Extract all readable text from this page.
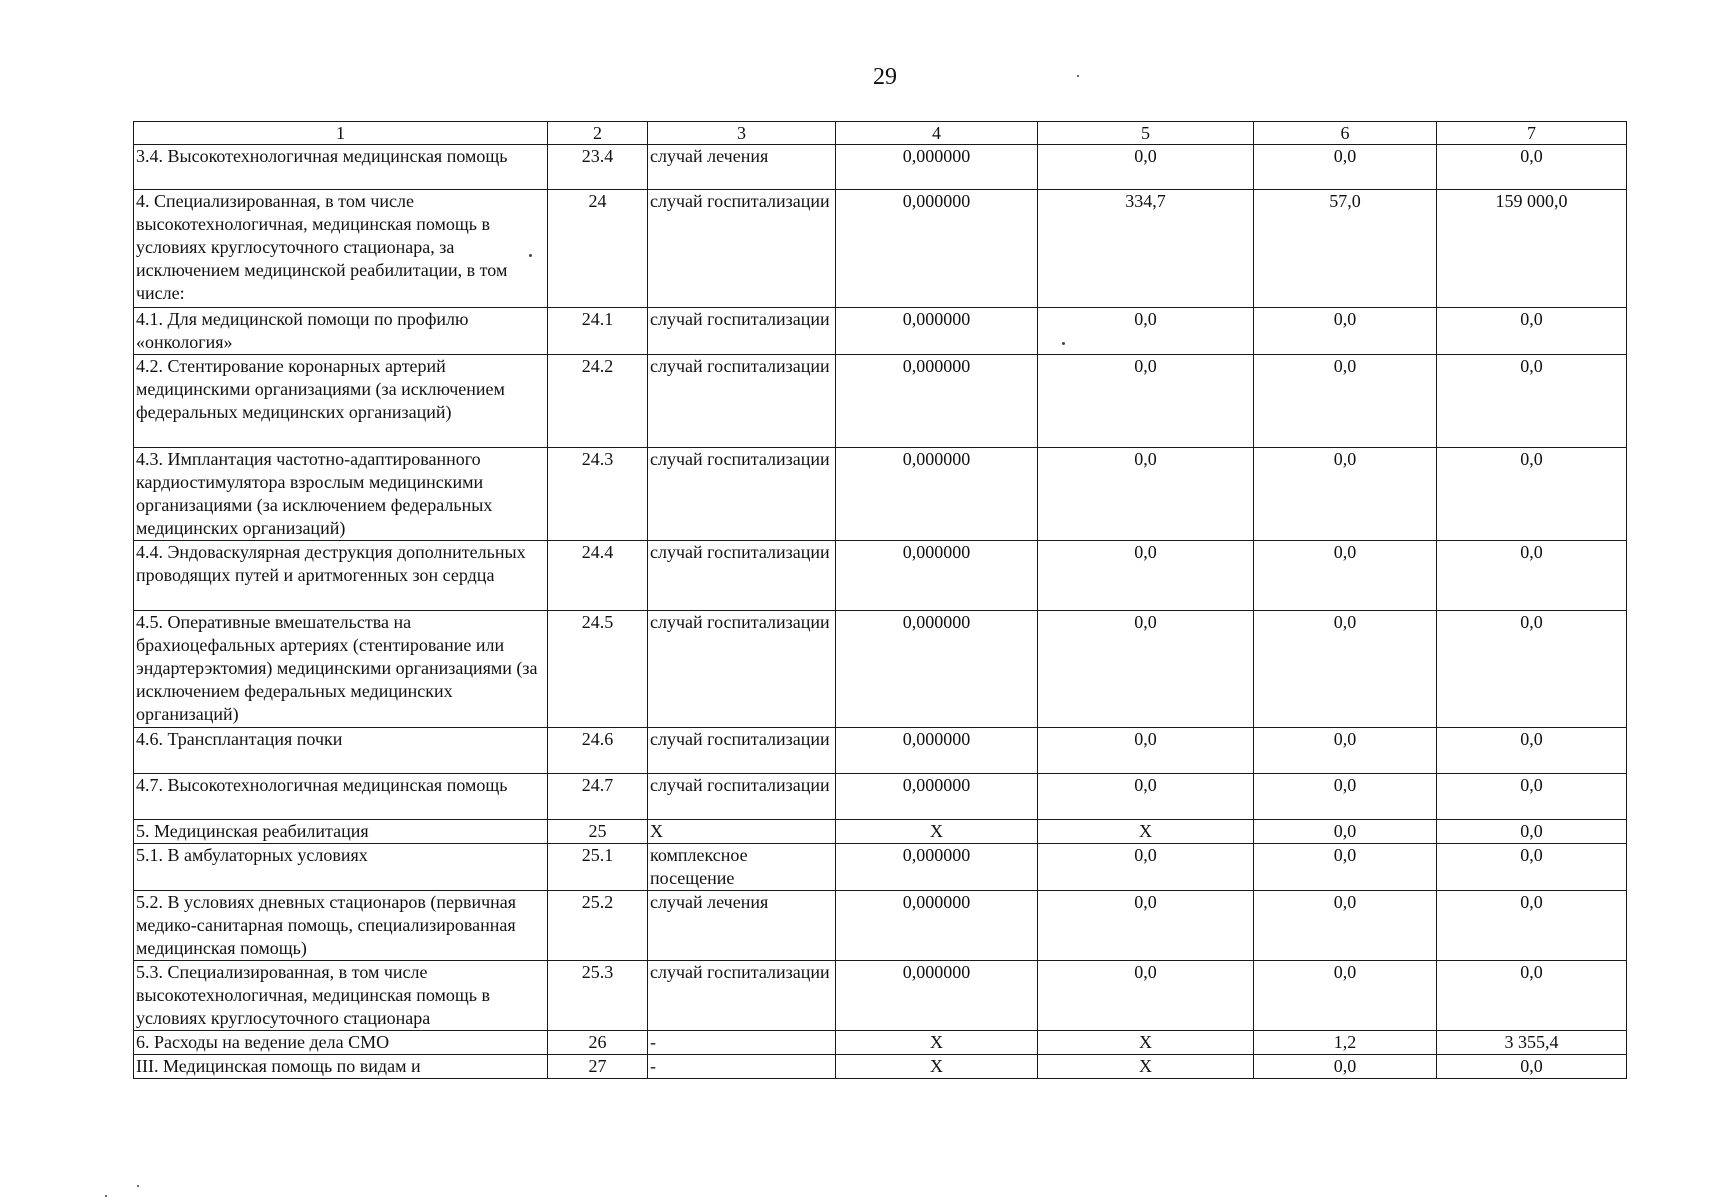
29
1	2	3	4	5	6	7
3.4. Высокотехнологичная медицинская помощь	23.4	случай лечения	0,000000	0,0	0,0	0,0
4. Специализированная, в том числе высокотехнологичная, медицинская помощь в условиях круглосуточного стационара, за исключением медицинской реабилитации, в том числе:	24	случай госпитализации	0,000000	334,7	57,0	159 000,0
4.1. Для медицинской помощи по профилю «онкология»	24.1	случай госпитализации	0,000000	0,0	0,0	0,0
4.2. Стентирование коронарных артерий медицинскими организациями (за исключением федеральных медицинских организаций)	24.2	случай госпитализации	0,000000	0,0	0,0	0,0
4.3. Имплантация частотно-адаптированного кардиостимулятора взрослым медицинскими организациями (за исключением федеральных медицинских организаций)	24.3	случай госпитализации	0,000000	0,0	0,0	0,0
4.4. Эндоваскулярная деструкция дополнительных проводящих путей и аритмогенных зон сердца	24.4	случай госпитализации	0,000000	0,0	0,0	0,0
4.5. Оперативные вмешательства на брахиоцефальных артериях (стентирование или эндартерэктомия) медицинскими организациями (за исключением федеральных медицинских организаций)	24.5	случай госпитализации	0,000000	0,0	0,0	0,0
4.6. Трансплантация почки	24.6	случай госпитализации	0,000000	0,0	0,0	0,0
4.7. Высокотехнологичная медицинская помощь	24.7	случай госпитализации	0,000000	0,0	0,0	0,0
5. Медицинская реабилитация	25	Х	Х	Х	0,0	0,0
5.1. В амбулаторных условиях	25.1	комплексное посещение	0,000000	0,0	0,0	0,0
5.2. В условиях дневных стационаров (первичная медико-санитарная помощь, специализированная медицинская помощь)	25.2	случай лечения	0,000000	0,0	0,0	0,0
5.3. Специализированная, в том числе высокотехнологичная, медицинская помощь в условиях круглосуточного стационара	25.3	случай госпитализации	0,000000	0,0	0,0	0,0
6. Расходы на ведение дела СМО	26	-	Х	Х	1,2	3 355,4
III. Медицинская помощь по видам и	27	-	Х	Х	0,0	0,0
